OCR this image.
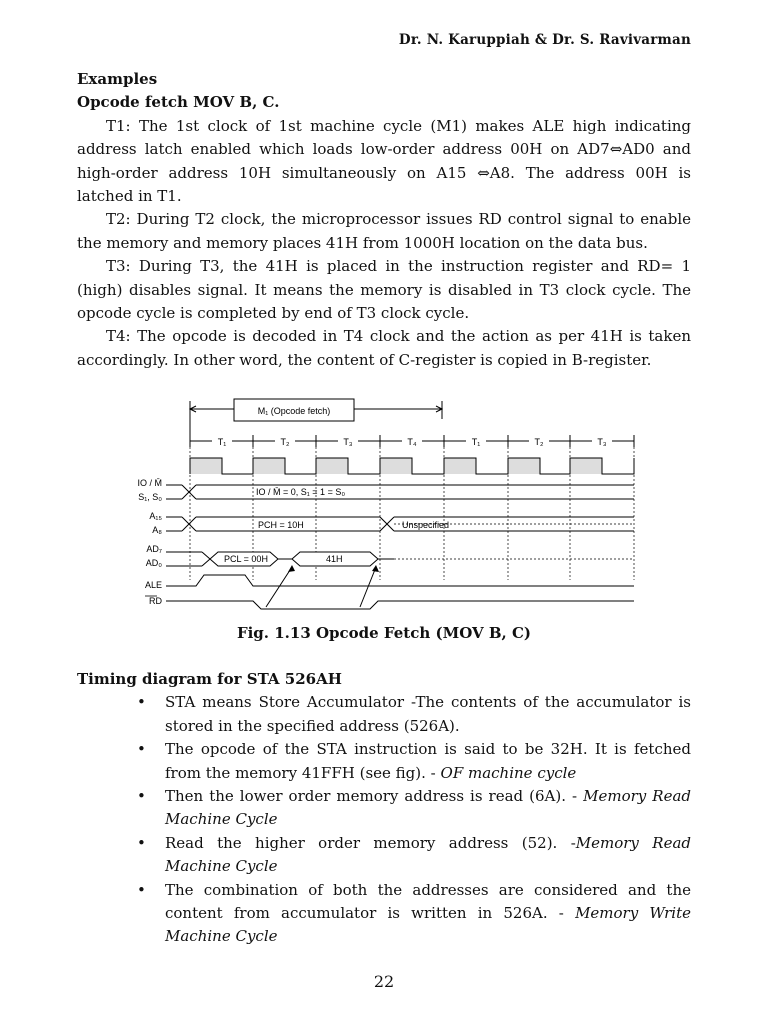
Dr. N. Karuppiah & Dr. S. Ravivarman
Examples
Opcode fetch MOV B, C.

T1: The 1st clock of 1st machine cycle (M1) makes ALE high indicating address latch enabled which loads low-order address 00H on AD7⇔AD0 and high-order address 10H simultaneously on A15 ⇔A8. The address 00H is latched in T1.

T2: During T2 clock, the microprocessor issues RD control signal to enable the memory and memory places 41H from 1000H location on the data bus.

T3: During T3, the 41H is placed in the instruction register and RD= 1 (high) disables signal. It means the memory is disabled in T3 clock cycle. The opcode cycle is completed by end of T3 clock cycle.

T4: The opcode is decoded in T4 clock and the action as per 41H is taken accordingly. In other word, the content of C-register is copied in B-register.

M₁ (Opcode fetch)
T₁	T₂	T₃	T₄	T₁	T₂	T₃
IO / M̄
S₁, S₀
A₁₅
A₈
AD₇
AD₀
ALE
RD
IO / M̄ = 0, S₁ = 1 = S₀
PCH = 10H	Unspecified
PCL = 00H	41H
Fig. 1.13 Opcode Fetch (MOV B, C)
Timing diagram for STA 526AH
• STA means Store Accumulator -The contents of the accumulator is stored in the specified address (526A).
• The opcode of the STA instruction is said to be 32H. It is fetched from the memory 41FFH (see fig). - OF machine cycle
• Then the lower order memory address is read (6A). - Memory Read Machine Cycle
• Read the higher order memory address (52). -Memory Read Machine Cycle
• The combination of both the addresses are considered and the content from accumulator is written in 526A. - Memory Write Machine Cycle
22
